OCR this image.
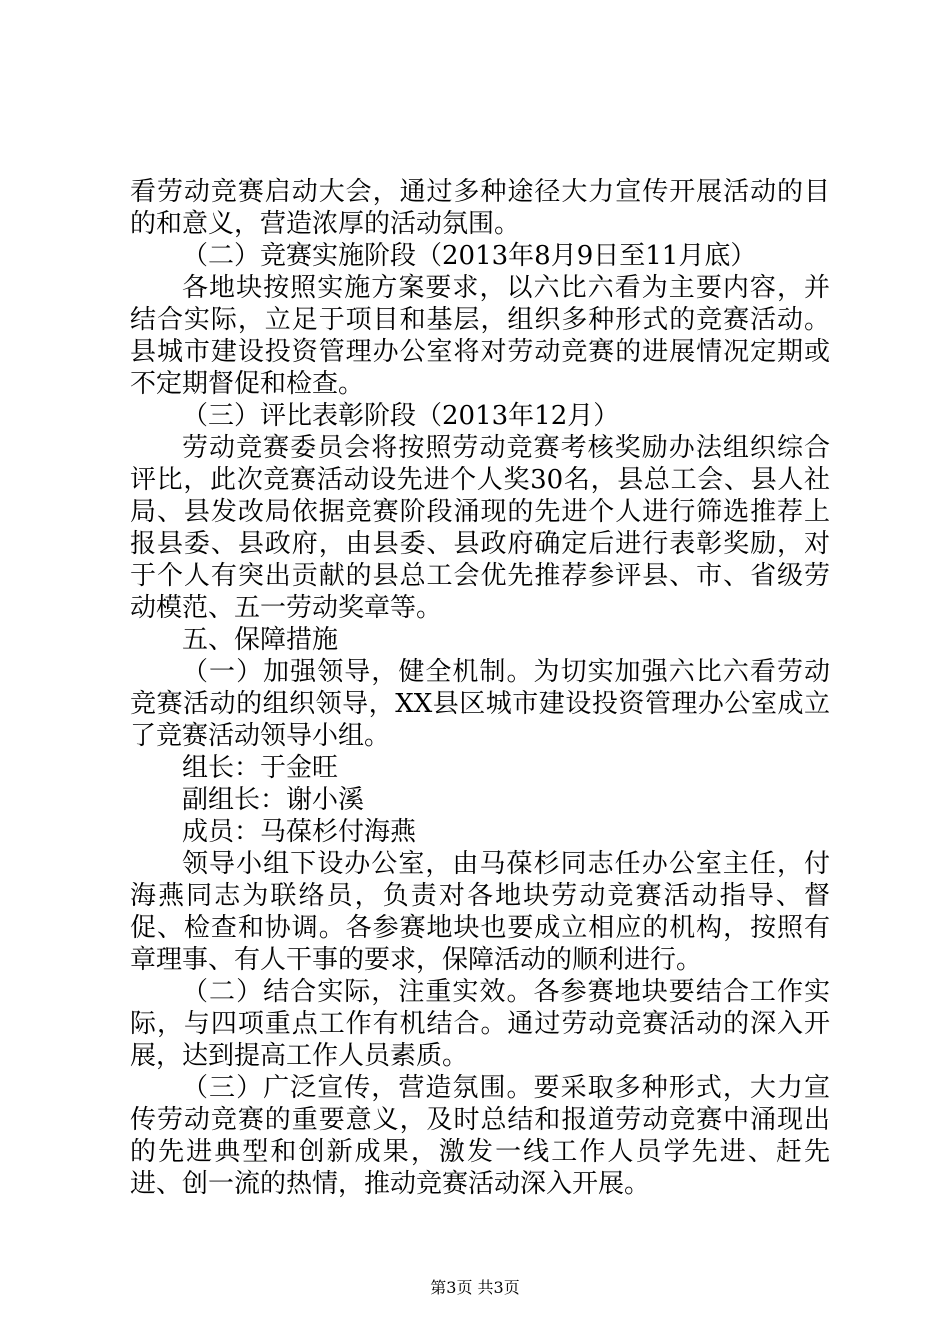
看劳动竞赛启动大会，通过多种途径大力宣传开展活动的目的和意义，营造浓厚的活动氛围。

（二）竞赛实施阶段（2013年8月9日至11月底）

各地块按照实施方案要求，以六比六看为主要内容，并结合实际，立足于项目和基层，组织多种形式的竞赛活动。县城市建设投资管理办公室将对劳动竞赛的进展情况定期或不定期督促和检查。

（三）评比表彰阶段（2013年12月）

劳动竞赛委员会将按照劳动竞赛考核奖励办法组织综合评比，此次竞赛活动设先进个人奖30名，县总工会、县人社局、县发改局依据竞赛阶段涌现的先进个人进行筛选推荐上报县委、县政府，由县委、县政府确定后进行表彰奖励，对于个人有突出贡献的县总工会优先推荐参评县、市、省级劳动模范、五一劳动奖章等。

五、保障措施

（一）加强领导，健全机制。为切实加强六比六看劳动竞赛活动的组织领导，XX县区城市建设投资管理办公室成立了竞赛活动领导小组。

组长：于金旺

副组长：谢小溪

成员：马葆杉付海燕

领导小组下设办公室，由马葆杉同志任办公室主任，付海燕同志为联络员，负责对各地块劳动竞赛活动指导、督促、检查和协调。各参赛地块也要成立相应的机构，按照有章理事、有人干事的要求，保障活动的顺利进行。

（二）结合实际，注重实效。各参赛地块要结合工作实际，与四项重点工作有机结合。通过劳动竞赛活动的深入开展，达到提高工作人员素质。

（三）广泛宣传，营造氛围。要采取多种形式，大力宣传劳动竞赛的重要意义，及时总结和报道劳动竞赛中涌现出的先进典型和创新成果，激发一线工作人员学先进、赶先进、创一流的热情，推动竞赛活动深入开展。

第3页 共3页
